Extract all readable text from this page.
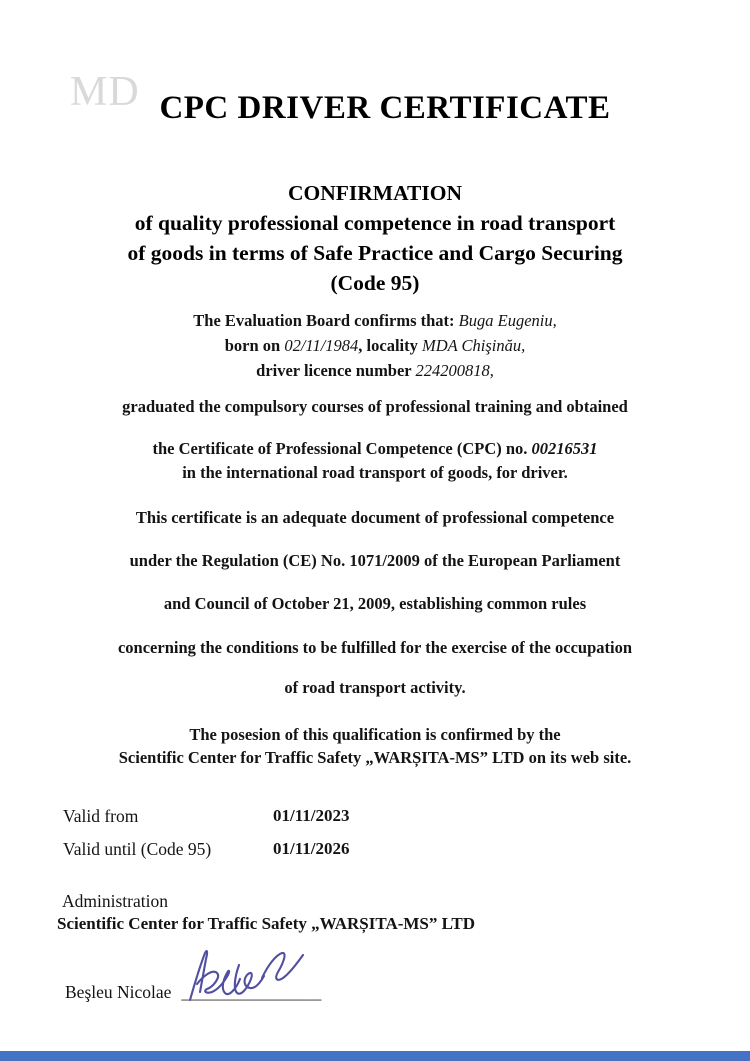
MD CPC DRIVER CERTIFICATE
CONFIRMATION
of quality professional competence in road transport
of goods in terms of Safe Practice and Cargo Securing
(Code 95)
The Evaluation Board confirms that: Buga Eugeniu,
born on 02/11/1984, locality MDA Chişinău,
driver licence number 224200818,
graduated the compulsory courses of professional training and obtained
the Certificate of Professional Competence (CPC) no. 00216531
in the international road transport of goods, for driver.
This certificate is an adequate document of professional competence
under the Regulation (CE) No. 1071/2009 of the European Parliament
and Council of October 21, 2009, establishing common rules
concerning the conditions to be fulfilled for the exercise of the occupation
of road transport activity.
The posesion of this qualification is confirmed by the
Scientific Center for Traffic Safety „WARȘITA-MS” LTD on its web site.
Valid from	01/11/2023
Valid until (Code 95)	01/11/2026
Administration
Scientific Center for Traffic Safety „WARȘITA-MS” LTD
Beşleu Nicolae ________________
